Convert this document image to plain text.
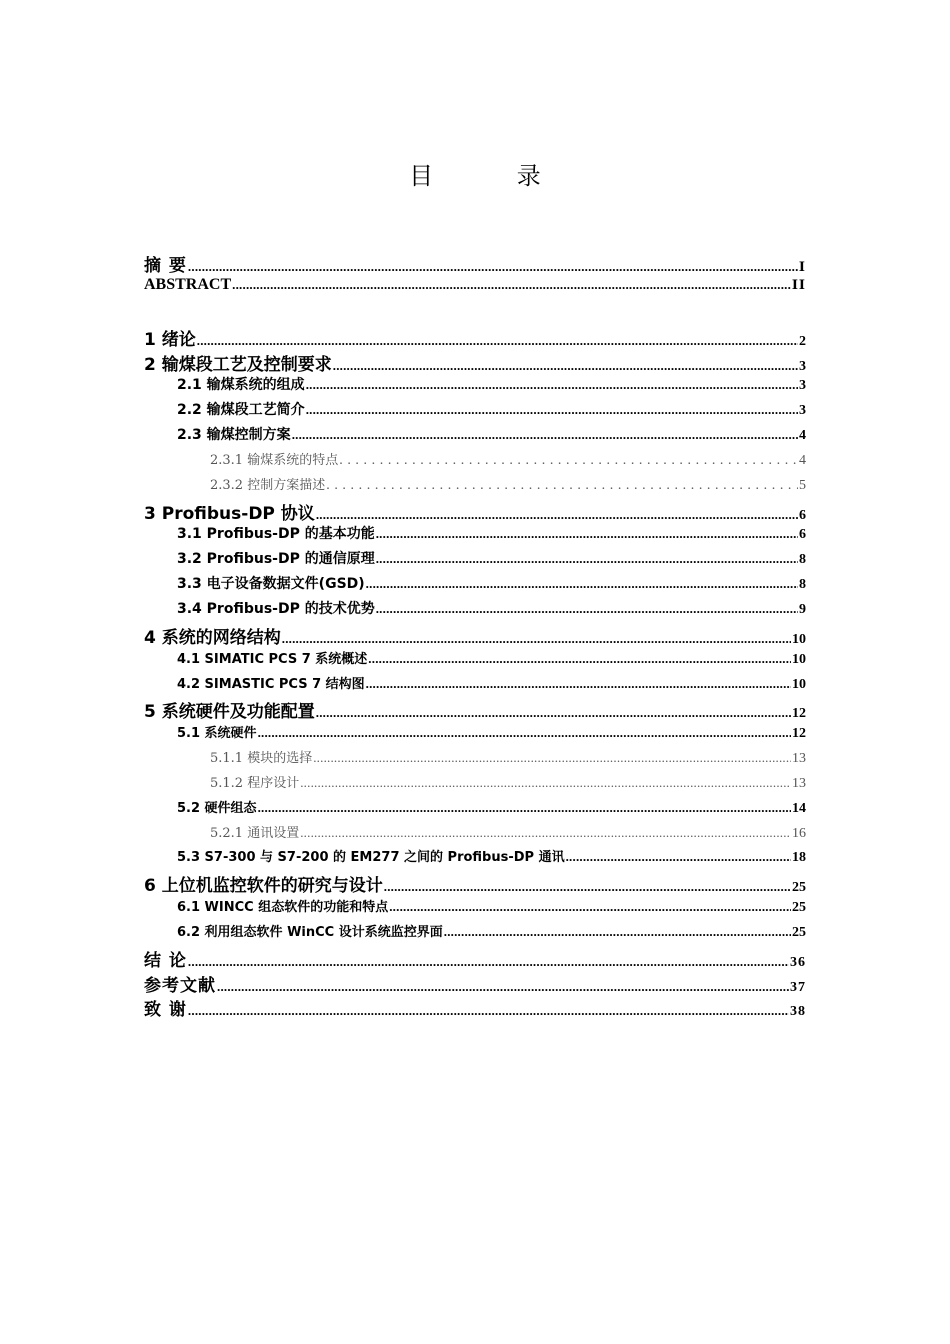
目 录
摘 要 .....	I
ABSTRACT .....	II
1 绪论 .....	2
2 输煤段工艺及控制要求 .....	3
2.1 输煤系统的组成 .....	3
2.2 输煤段工艺简介 .....	3
2.3 输煤控制方案 .....	4
2.3.1 输煤系统的特点 .....	4
2.3.2 控制方案描述 .....	5
3 Profibus-DP 协议 .....	6
3.1 Profibus-DP 的基本功能 .....	6
3.2 Profibus-DP 的通信原理 .....	8
3.3 电子设备数据文件(GSD) .....	8
3.4 Profibus-DP 的技术优势 .....	9
4 系统的网络结构 .....	10
4.1 SIMATIC PCS 7 系统概述 .....	10
4.2 SIMASTIC PCS 7 结构图 .....	10
5 系统硬件及功能配置 .....	12
5.1 系统硬件 .....	12
5.1.1 模块的选择 .....	13
5.1.2 程序设计 .....	13
5.2 硬件组态 .....	14
5.2.1 通讯设置 .....	16
5.3 S7-300 与 S7-200 的 EM277 之间的 Profibus-DP 通讯 .....	18
6 上位机监控软件的研究与设计 .....	25
6.1 WINCC 组态软件的功能和特点 .....	25
6.2 利用组态软件 WinCC 设计系统监控界面 .....	25
结 论 .....	36
参考文献 .....	37
致 谢 .....	38
